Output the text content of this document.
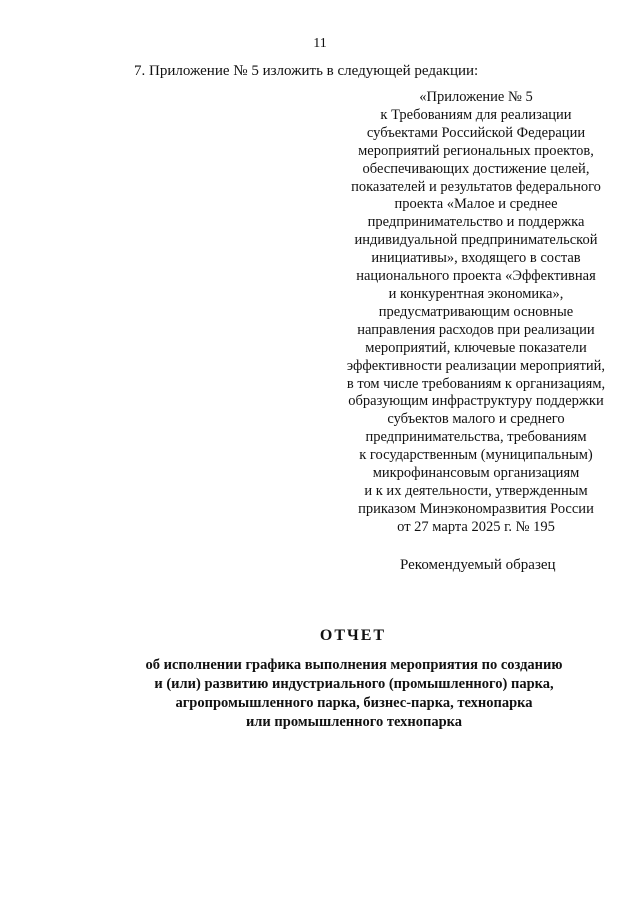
11
7. Приложение № 5 изложить в следующей редакции:
«Приложение № 5
к Требованиям для реализации
субъектами Российской Федерации
мероприятий региональных проектов,
обеспечивающих достижение целей,
показателей и результатов федерального
проекта «Малое и среднее
предпринимательство и поддержка
индивидуальной предпринимательской
инициативы», входящего в состав
национального проекта «Эффективная
и конкурентная экономика»,
предусматривающим основные
направления расходов при реализации
мероприятий, ключевые показатели
эффективности реализации мероприятий,
в том числе требованиям к организациям,
образующим инфраструктуру поддержки
субъектов малого и среднего
предпринимательства, требованиям
к государственным (муниципальным)
микрофинансовым организациям
и к их деятельности, утвержденным
приказом Минэкономразвития России
от 27 марта 2025 г. № 195
Рекомендуемый образец
ОТЧЕТ
об исполнении графика выполнения мероприятия по созданию
и (или) развитию индустриального (промышленного) парка,
агропромышленного парка, бизнес-парка, технопарка
или промышленного технопарка
